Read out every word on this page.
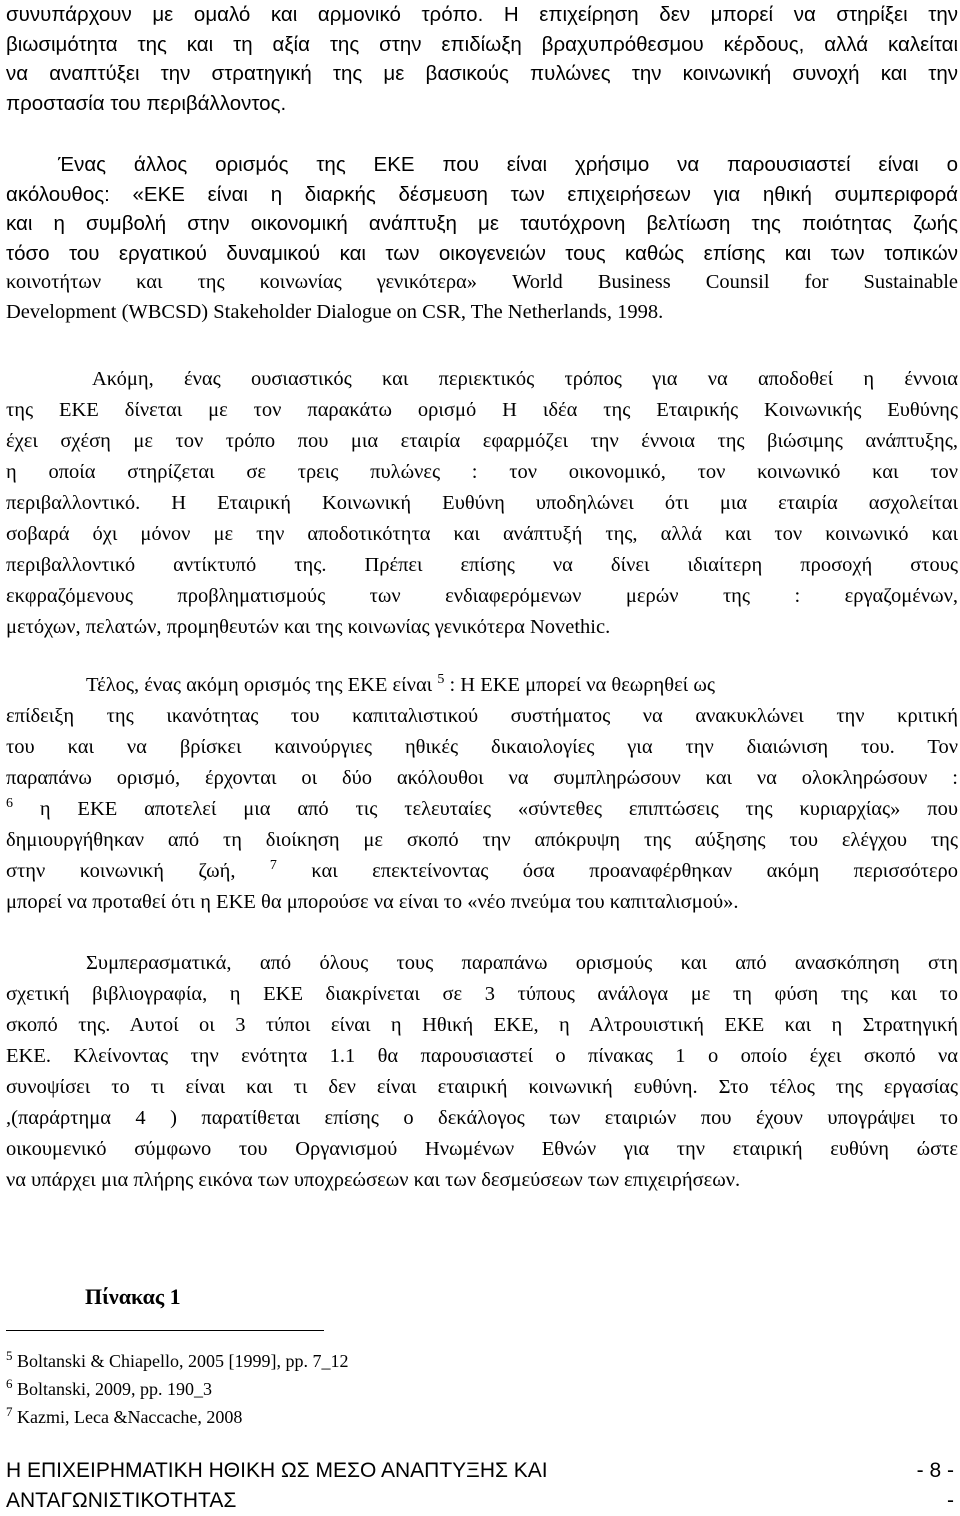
συνυπάρχουν με ομαλό και αρμονικό τρόπο. Η επιχείρηση δεν μπορεί να στηρίξει την
βιωσιμότητα της και τη αξία της στην επιδίωξη βραχυπρόθεσμου κέρδους, αλλά καλείται
να αναπτύξει την στρατηγική της με βασικούς πυλώνες την κοινωνική συνοχή και την
προστασία του περιβάλλοντος.
Ένας άλλος ορισμός της ΕΚΕ που είναι χρήσιμο να παρουσιαστεί είναι ο
ακόλουθος: «ΕΚΕ είναι η διαρκής δέσμευση των επιχειρήσεων για ηθική συμπεριφορά
και η συμβολή στην οικονομική ανάπτυξη με ταυτόχρονη βελτίωση της ποιότητας ζωής
τόσο του εργατικού δυναμικού και των οικογενειών τους καθώς επίσης και των τοπικών
κοινοτήτων και της κοινωνίας γενικότερα» World Business Counsil for Sustainable
Development (WBCSD) Stakeholder Dialogue on CSR, The Netherlands, 1998.
Ακόμη, ένας ουσιαστικός και περιεκτικός τρόπος για να αποδοθεί η έννοια
της ΕΚΕ δίνεται με τον παρακάτω ορισμό Η ιδέα της Εταιρικής Κοινωνικής Ευθύνης
έχει σχέση με τον τρόπο που μια εταιρία εφαρμόζει την έννοια της βιώσιμης ανάπτυξης,
η οποία στηρίζεται σε τρεις πυλώνες : τον οικονομικό, τον κοινωνικό και τον
περιβαλλοντικό. Η Εταιρική Κοινωνική Ευθύνη υποδηλώνει ότι μια εταιρία ασχολείται
σοβαρά όχι μόνον με την αποδοτικότητα και ανάπτυξή της, αλλά και τον κοινωνικό και
περιβαλλοντικό αντίκτυπό της. Πρέπει επίσης να δίνει ιδιαίτερη προσοχή στους
εκφραζόμενους προβληματισμούς των ενδιαφερόμενων μερών της : εργαζομένων,
μετόχων, πελατών, προμηθευτών και της κοινωνίας γενικότερα Novethic.
Τέλος, ένας ακόμη ορισμός της ΕΚΕ είναι $^5$ : Η ΕΚΕ μπορεί να θεωρηθεί ως
επίδειξη της ικανότητας του καπιταλιστικού συστήματος να ανακυκλώνει την κριτική
του και να βρίσκει καινούργιες ηθικές δικαιολογίες για την διαιώνιση του. Τον
παραπάνω ορισμό, έρχονται οι δύο ακόλουθοι να συμπληρώσουν και να ολοκληρώσουν :
$^6$ η ΕΚΕ αποτελεί μια από τις τελευταίες «σύντεθες επιπτώσεις της κυριαρχίας» που
δημιουργήθηκαν από τη διοίκηση με σκοπό την απόκρυψη της αύξησης του ελέγχου της
στην κοινωνική ζωή, $^7$ και επεκτείνοντας όσα προαναφέρθηκαν ακόμη περισσότερο
μπορεί να προταθεί ότι η ΕΚΕ θα μπορούσε να είναι το «νέο πνεύμα του καπιταλισμού».
Συμπερασματικά, από όλους τους παραπάνω ορισμούς και από ανασκόπηση στη
σχετική βιβλιογραφία, η ΕΚΕ διακρίνεται σε 3 τύπους ανάλογα με τη φύση της και το
σκοπό της. Αυτοί οι 3 τύποι είναι η Ηθική ΕΚΕ, η Αλτρουιστική ΕΚΕ και η Στρατηγική
ΕΚΕ. Κλείνοντας την ενότητα 1.1 θα παρουσιαστεί ο πίνακας 1 ο οποίο έχει σκοπό να
συνοψίσει το τι είναι και τι δεν είναι εταιρική κοινωνική ευθύνη. Στο τέλος της εργασίας
,(παράρτημα 4 ) παρατίθεται επίσης ο δεκάλογος των εταιριών που έχουν υπογράψει το
οικουμενικό σύμφωνο του Οργανισμού Ηνωμένων Εθνών για την εταιρική ευθύνη ώστε
να υπάρχει μια πλήρης εικόνα των υποχρεώσεων και των δεσμεύσεων των επιχειρήσεων.
Πίνακας 1
$^5$ Boltanski & Chiapello, 2005 [1999], pp. 7_12
$^6$ Boltanski, 2009, pp. 190_3
$^7$ Kazmi, Leca &Naccache, 2008
Η ΕΠΙΧΕΙΡΗΜΑΤΙΚΗ ΗΘΙΚΗ ΩΣ ΜΕΣΟ ΑΝΑΠΤΥΞΗΣ ΚΑΙ
ΑΝΤΑΓΩΝΙΣΤΙΚΟΤΗΤΑΣ
- 8 -
-
